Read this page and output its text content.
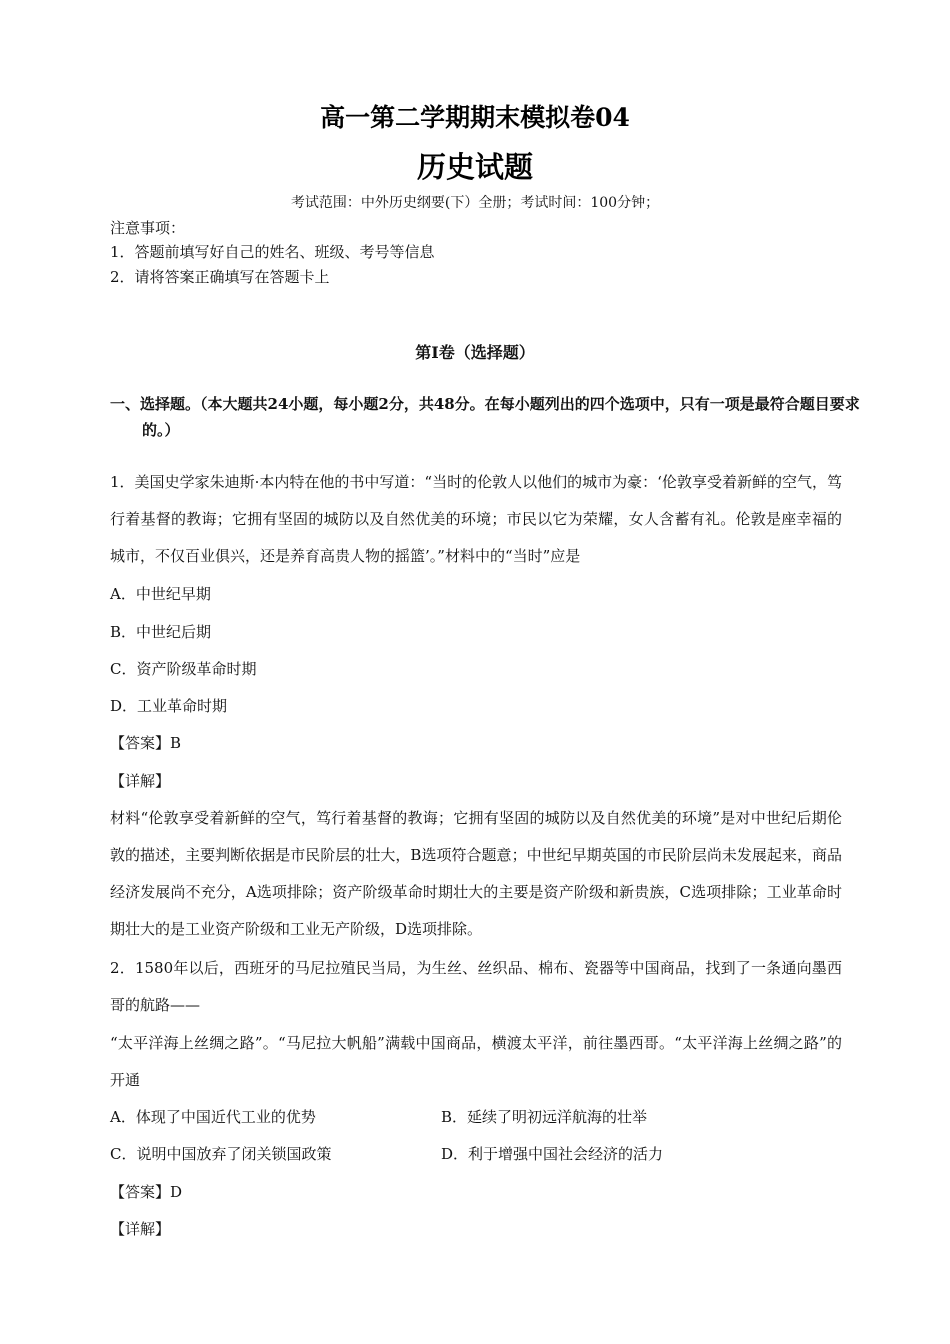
高一第二学期期末模拟卷04
历史试题
考试范围：中外历史纲要(下）全册；考试时间：100分钟；
注意事项：
1．答题前填写好自己的姓名、班级、考号等信息
2．请将答案正确填写在答题卡上
第I卷（选择题）
一、选择题。（本大题共24小题，每小题2分，共48分。在每小题列出的四个选项中，只有一项是最符合题目要求的。）
1．美国史学家朱迪斯·本内特在他的书中写道：“当时的伦敦人以他们的城市为豪：‘伦敦享受着新鲜的空气，笃行着基督的教诲；它拥有坚固的城防以及自然优美的环境；市民以它为荣耀，女人含蓄有礼。伦敦是座幸福的城市，不仅百业俱兴，还是养育高贵人物的摇篮’。”材料中的“当时”应是
A．中世纪早期
B．中世纪后期
C．资产阶级革命时期
D．工业革命时期
【答案】B
【详解】
材料“伦敦享受着新鲜的空气，笃行着基督的教诲；它拥有坚固的城防以及自然优美的环境”是对中世纪后期伦敦的描述，主要判断依据是市民阶层的壮大，B选项符合题意；中世纪早期英国的市民阶层尚未发展起来，商品经济发展尚不充分，A选项排除；资产阶级革命时期壮大的主要是资产阶级和新贵族，C选项排除；工业革命时期壮大的是工业资产阶级和工业无产阶级，D选项排除。
2．1580年以后，西班牙的马尼拉殖民当局，为生丝、丝织品、棉布、瓷器等中国商品，找到了一条通向墨西哥的航路——
“太平洋海上丝绸之路”。“马尼拉大帆船”满载中国商品，横渡太平洋，前往墨西哥。“太平洋海上丝绸之路”的开通
A．体现了中国近代工业的优势	B．延续了明初远洋航海的壮举
C．说明中国放弃了闭关锁国政策	D．利于增强中国社会经济的活力
【答案】D
【详解】
